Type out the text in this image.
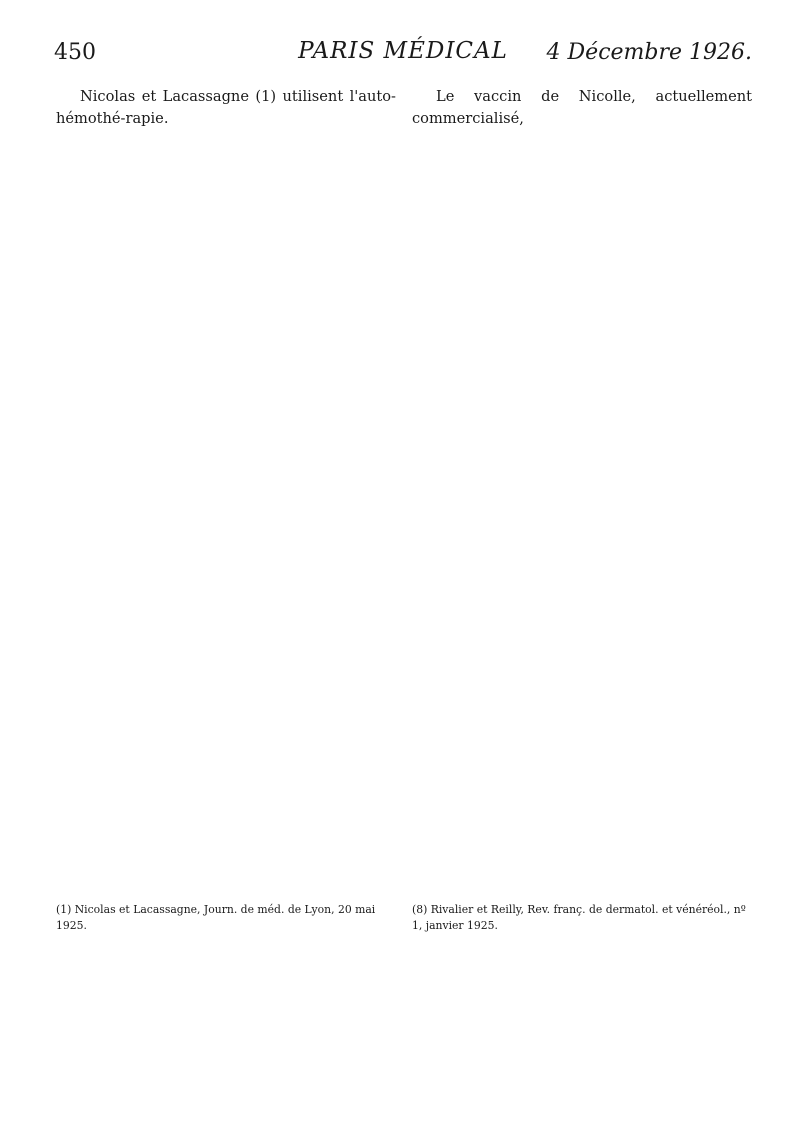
450	PARIS MÉDICAL	4 Décembre 1926.

Nicolas et Lacassagne (1) utilisent l'auto-hémothé-rapie.

Le vaccin de Nicolle, actuellement commercialisé,

(1) Nicolas et Lacassagne, Journ. de méd. de Lyon, 20 mai 1925.
(8) Rivalier et Reilly, Rev. franç. de dermatol. et vénéréol., nº 1, janvier 1925.
